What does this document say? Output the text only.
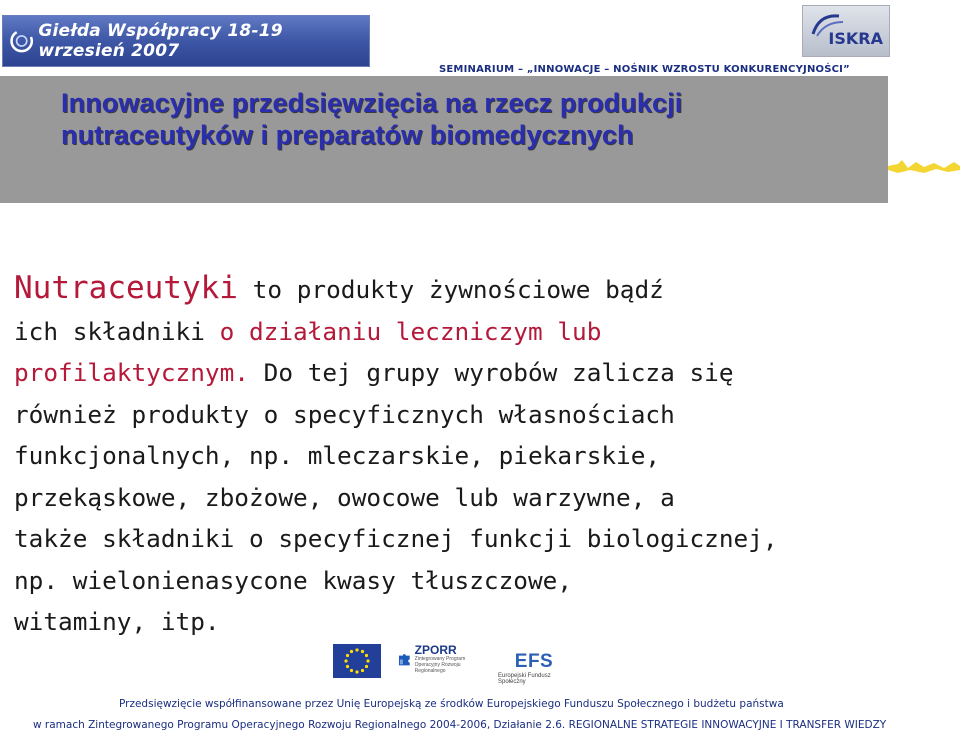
Giełda Współpracy 18-19 wrzesień 2007
ISKRA
SEMINARIUM – „INNOWACJE – NOŚNIK WZROSTU KONKURENCYJNOŚCI”
Innowacyjne przedsięwzięcia na rzecz produkcji
nutraceutyków i preparatów biomedycznych
Nutraceutyki to produkty żywnościowe bądź
ich składniki o działaniu leczniczym lub
profilaktycznym. Do tej grupy wyrobów zalicza się
również produkty o specyficznych własnościach
funkcjonalnych, np. mleczarskie, piekarskie,
przekąskowe, zbożowe, owocowe lub warzywne, a
także składniki o specyficznej funkcji biologicznej,
np. wielonienasycone kwasy tłuszczowe,
witaminy, itp.
ZPORR
Zintegrowany Program Operacyjny Rozwoju Regionalnego	EFS
Europejski Fundusz Społeczny
Przedsięwzięcie współfinansowane przez Unię Europejską ze środków Europejskiego Funduszu Społecznego i budżetu państwa
w ramach Zintegrowanego Programu Operacyjnego Rozwoju Regionalnego 2004-2006, Działanie 2.6. REGIONALNE STRATEGIE INNOWACYJNE I TRANSFER WIEDZY
